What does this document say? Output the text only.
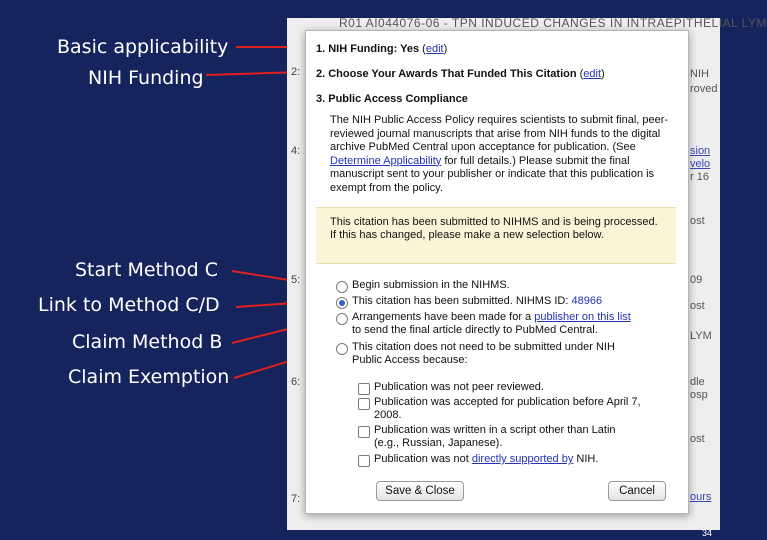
Basic applicability
NIH Funding
Start Method C
Link to Method C/D
Claim Method B
Claim Exemption
R01 AI044076-06 - TPN INDUCED CHANGES IN INTRAEPITHELIAL LYM
2:
4:
5:
6:
7:
NIH
roved
sion
velo
r 16
ost
09
ost
LYM
dle
osp
ost
ours
1. NIH Funding: Yes (edit)
2. Choose Your Awards That Funded This Citation (edit)
3. Public Access Compliance
The NIH Public Access Policy requires scientists to submit final, peer-reviewed journal manuscripts that arise from NIH funds to the digital archive PubMed Central upon acceptance for publication. (See Determine Applicability for full details.) Please submit the final manuscript sent to your publisher or indicate that this publication is exempt from the policy.
This citation has been submitted to NIHMS and is being processed. If this has changed, please make a new selection below.
Begin submission in the NIHMS.
This citation has been submitted. NIHMS ID: 48966
Arrangements have been made for a publisher on this list
to send the final article directly to PubMed Central.
This citation does not need to be submitted under NIH
Public Access because:
Publication was not peer reviewed.
Publication was accepted for publication before April 7,
2008.
Publication was written in a script other than Latin
(e.g., Russian, Japanese).
Publication was not directly supported by NIH.
Save & Close	Cancel
34
